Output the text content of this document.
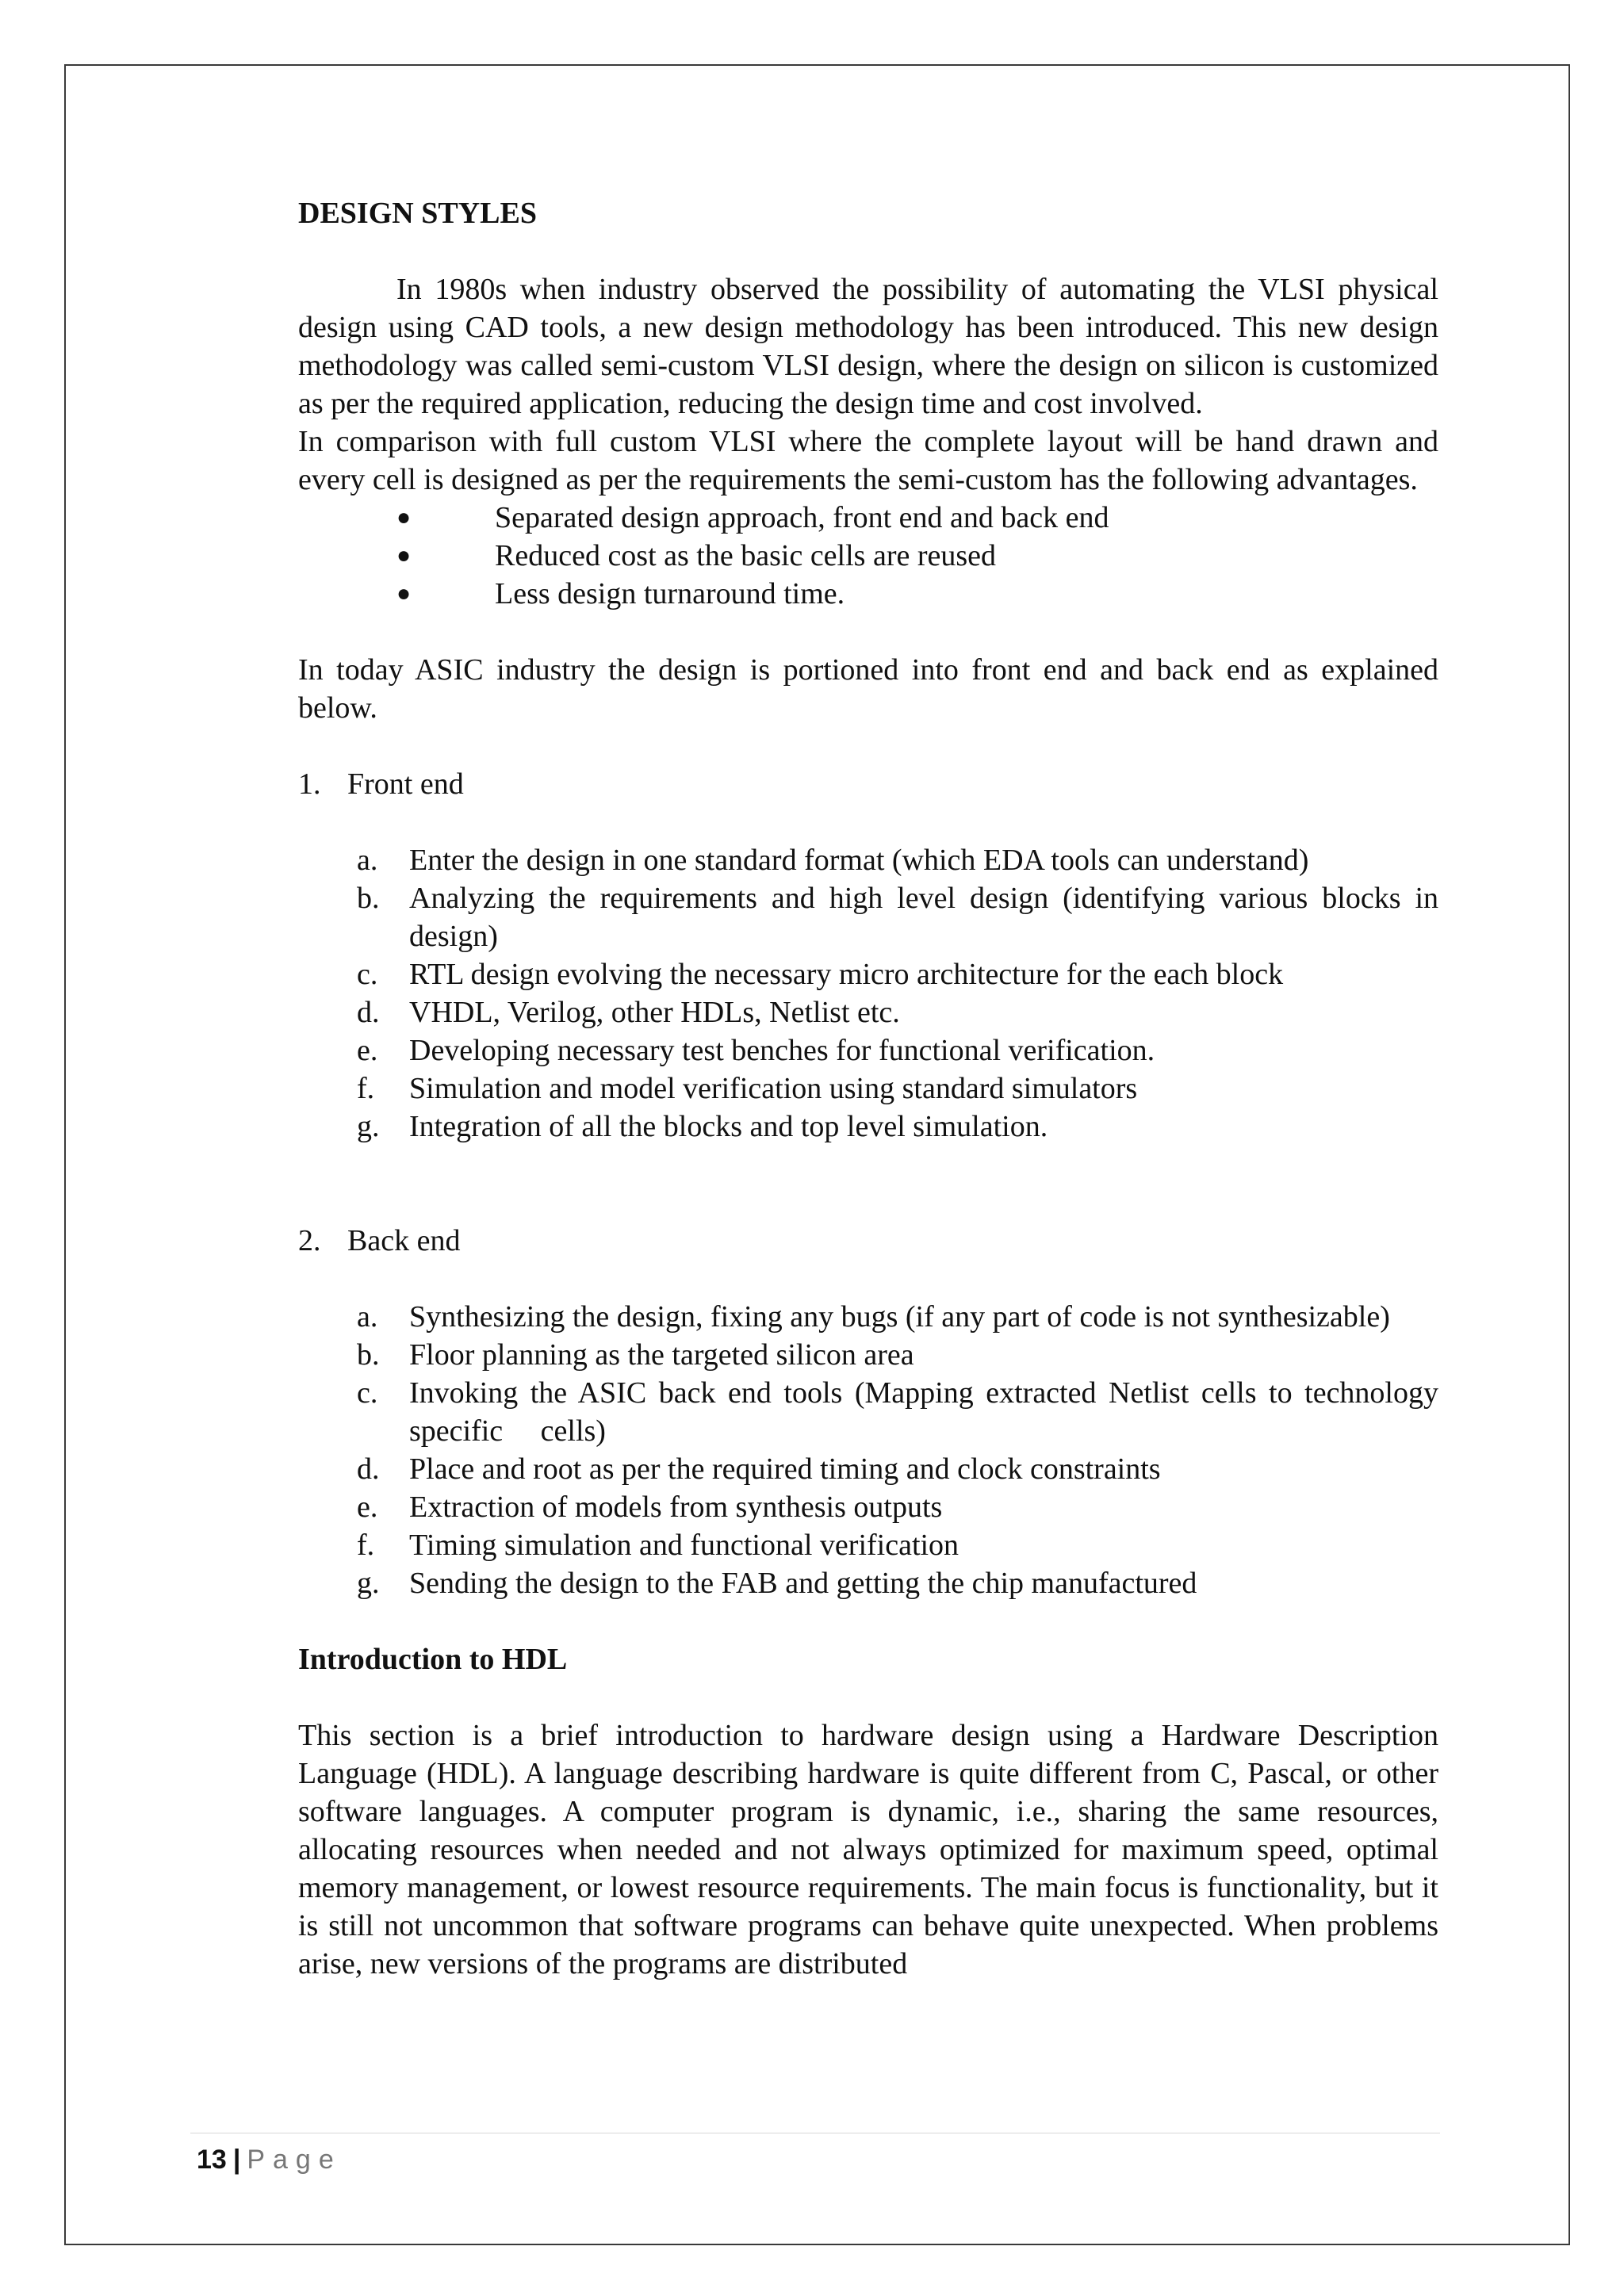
DESIGN STYLES

In 1980s when industry observed the possibility of automating the VLSI physical design using CAD tools, a new design methodology has been introduced. This new design methodology was called semi-custom VLSI design, where the design on silicon is customized as per the required application, reducing the design time and cost involved.

In comparison with full custom VLSI where the complete layout will be hand drawn and every cell is designed as per the requirements the semi-custom has the following advantages.

●	Separated design approach, front end and back end
●	Reduced cost as the basic cells are reused
●	Less design turnaround time.

In today ASIC industry the design is portioned into front end and back end as explained below.

1. Front end
a. Enter the design in one standard format (which EDA tools can understand)
b. Analyzing the requirements and high level design (identifying various blocks in design)
c. RTL design evolving the necessary micro architecture for the each block
d. VHDL, Verilog, other HDLs, Netlist etc.
e. Developing necessary test benches for functional verification.
f. Simulation and model verification using standard simulators
g. Integration of all the blocks and top level simulation.
2. Back end
a. Synthesizing the design, fixing any bugs (if any part of code is not synthesizable)
b. Floor planning as the targeted silicon area
c. Invoking the ASIC back end tools (Mapping extracted Netlist cells to technology specific     cells)
d. Place and root as per the required timing and clock constraints
e. Extraction of models from synthesis outputs
f. Timing simulation and functional verification
g. Sending the design to the FAB and getting the chip manufactured
Introduction to HDL

This section is a brief introduction to hardware design using a Hardware Description Language (HDL). A language describing hardware is quite different from C, Pascal, or other software languages. A computer program is dynamic, i.e., sharing the same resources, allocating resources when needed and not always optimized for maximum speed, optimal memory management, or lowest resource requirements. The main focus is functionality, but it is still not uncommon that software programs can behave quite unexpected. When problems arise, new versions of the programs are distributed

13 | Page
